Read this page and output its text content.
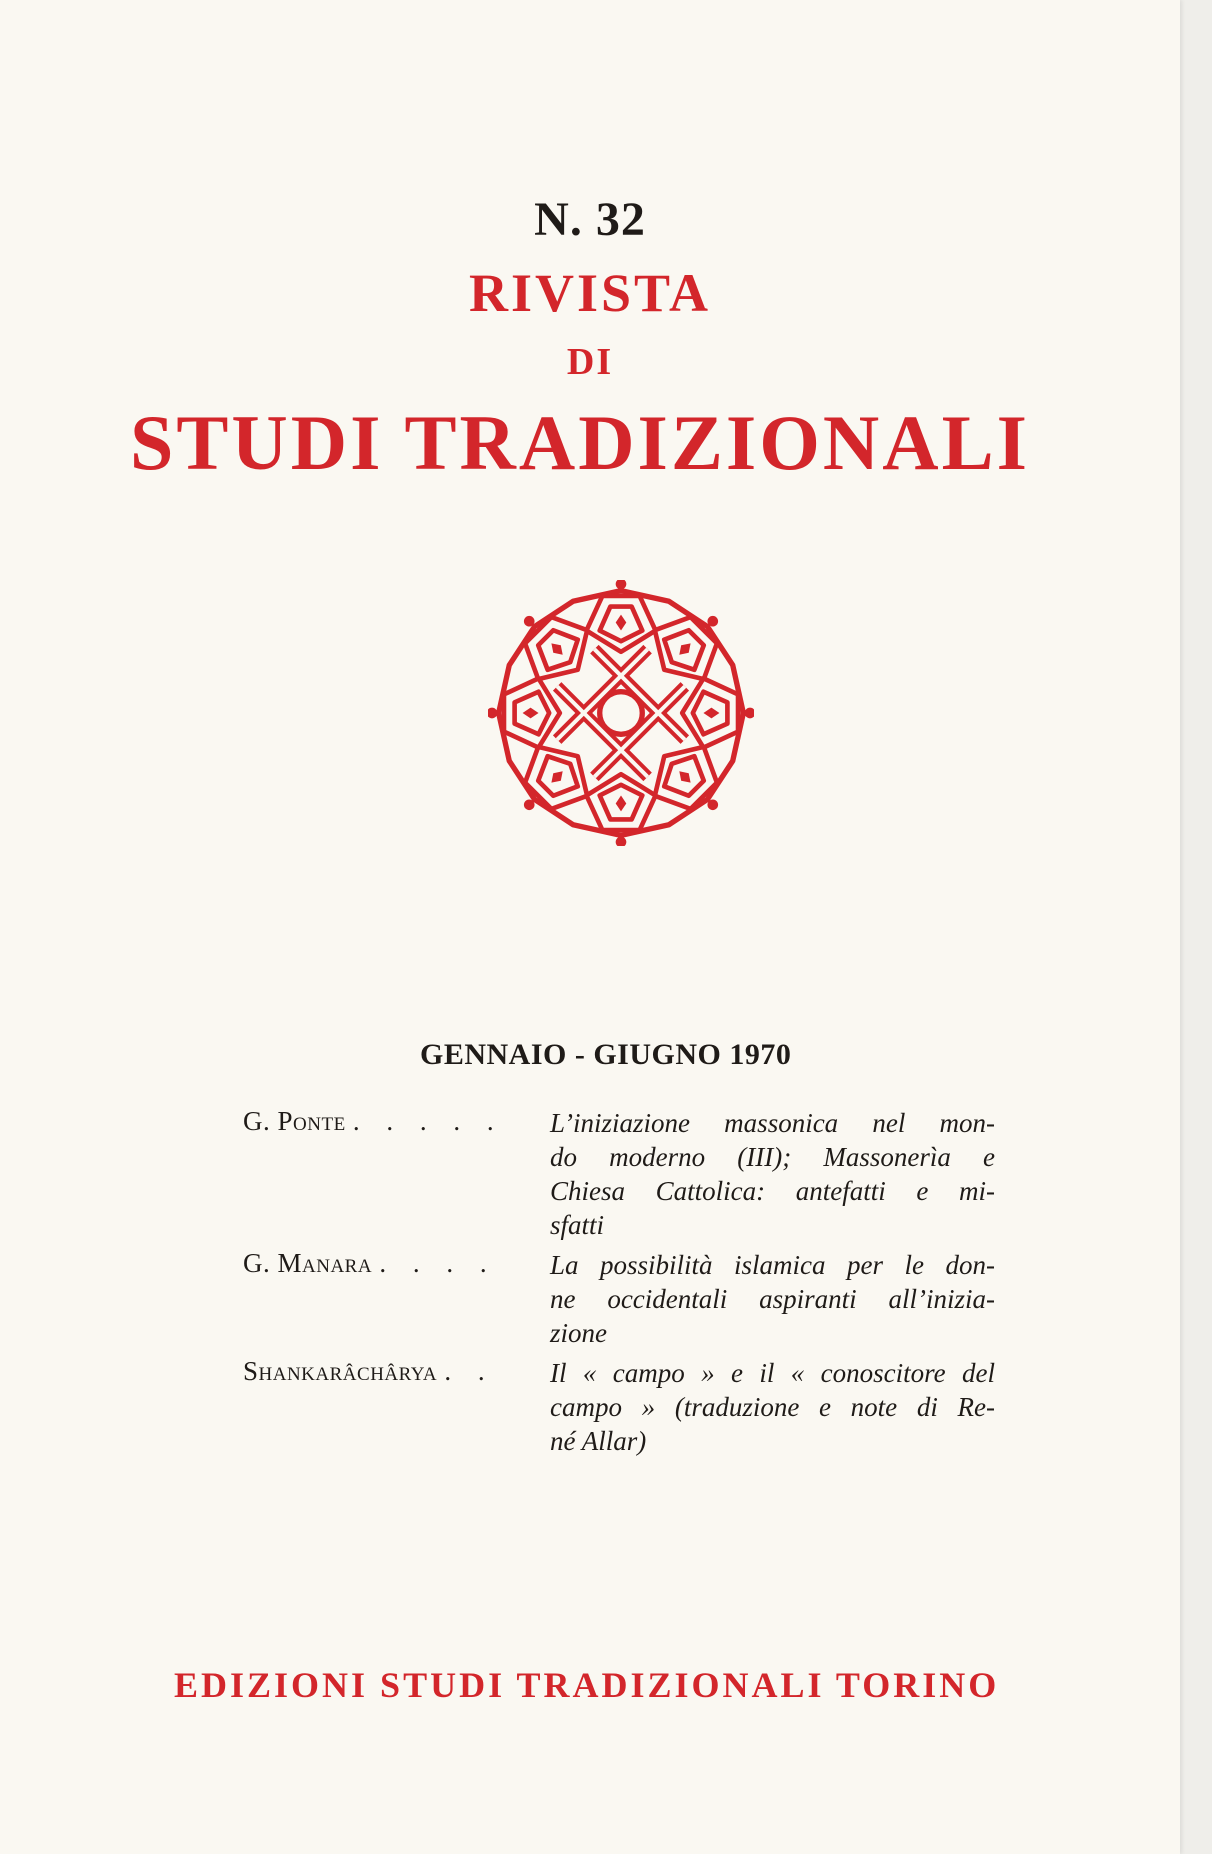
N. 32
RIVISTA
DI
STUDI TRADIZIONALI
GENNAIO - GIUGNO 1970
G. Ponte . . . . .	L’iniziazione massonica nel mon-
do moderno (III); Massonerìa e
Chiesa Cattolica: antefatti e mi-
sfatti
G. Manara . . . .	La possibilità islamica per le don-
ne occidentali aspiranti all’inizia-
zione
Shankarâchârya . .	Il « campo » e il « conoscitore del
campo » (traduzione e note di Re-
né Allar)
EDIZIONI STUDI TRADIZIONALI TORINO
